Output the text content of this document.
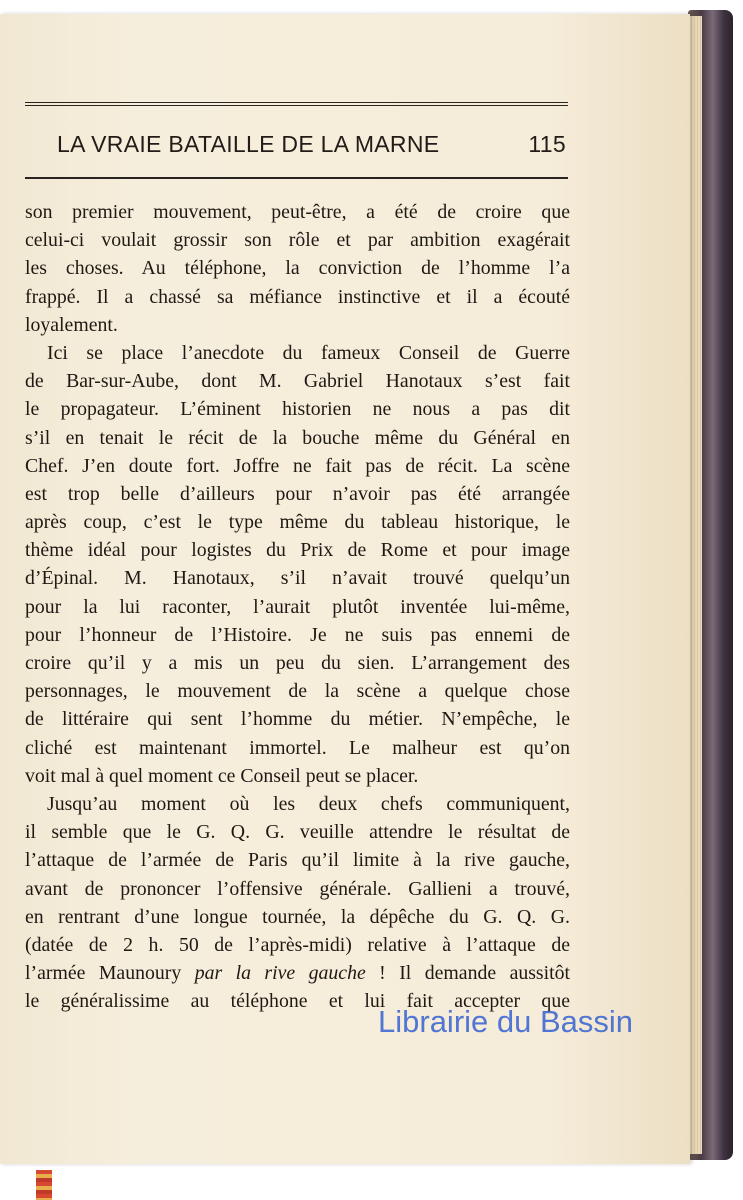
LA VRAIE BATAILLE DE LA MARNE	115
son premier mouvement, peut-être, a été de croire que
celui-ci voulait grossir son rôle et par ambition exagérait
les choses. Au téléphone, la conviction de l’homme l’a
frappé. Il a chassé sa méfiance instinctive et il a écouté
loyalement.
Ici se place l’anecdote du fameux Conseil de Guerre
de Bar-sur-Aube, dont M. Gabriel Hanotaux s’est fait
le propagateur. L’éminent historien ne nous a pas dit
s’il en tenait le récit de la bouche même du Général en
Chef. J’en doute fort. Joffre ne fait pas de récit. La scène
est trop belle d’ailleurs pour n’avoir pas été arrangée
après coup, c’est le type même du tableau historique, le
thème idéal pour logistes du Prix de Rome et pour image
d’Épinal. M. Hanotaux, s’il n’avait trouvé quelqu’un
pour la lui raconter, l’aurait plutôt inventée lui-même,
pour l’honneur de l’Histoire. Je ne suis pas ennemi de
croire qu’il y a mis un peu du sien. L’arrangement des
personnages, le mouvement de la scène a quelque chose
de littéraire qui sent l’homme du métier. N’empêche, le
cliché est maintenant immortel. Le malheur est qu’on
voit mal à quel moment ce Conseil peut se placer.
Jusqu’au moment où les deux chefs communiquent,
il semble que le G. Q. G. veuille attendre le résultat de
l’attaque de l’armée de Paris qu’il limite à la rive gauche,
avant de prononcer l’offensive générale. Gallieni a trouvé,
en rentrant d’une longue tournée, la dépêche du G. Q. G.
(datée de 2 h. 50 de l’après-midi) relative à l’attaque de
l’armée Maunoury par la rive gauche ! Il demande aussitôt
le généralissime au téléphone et lui fait accepter que
Librairie du Bassin
